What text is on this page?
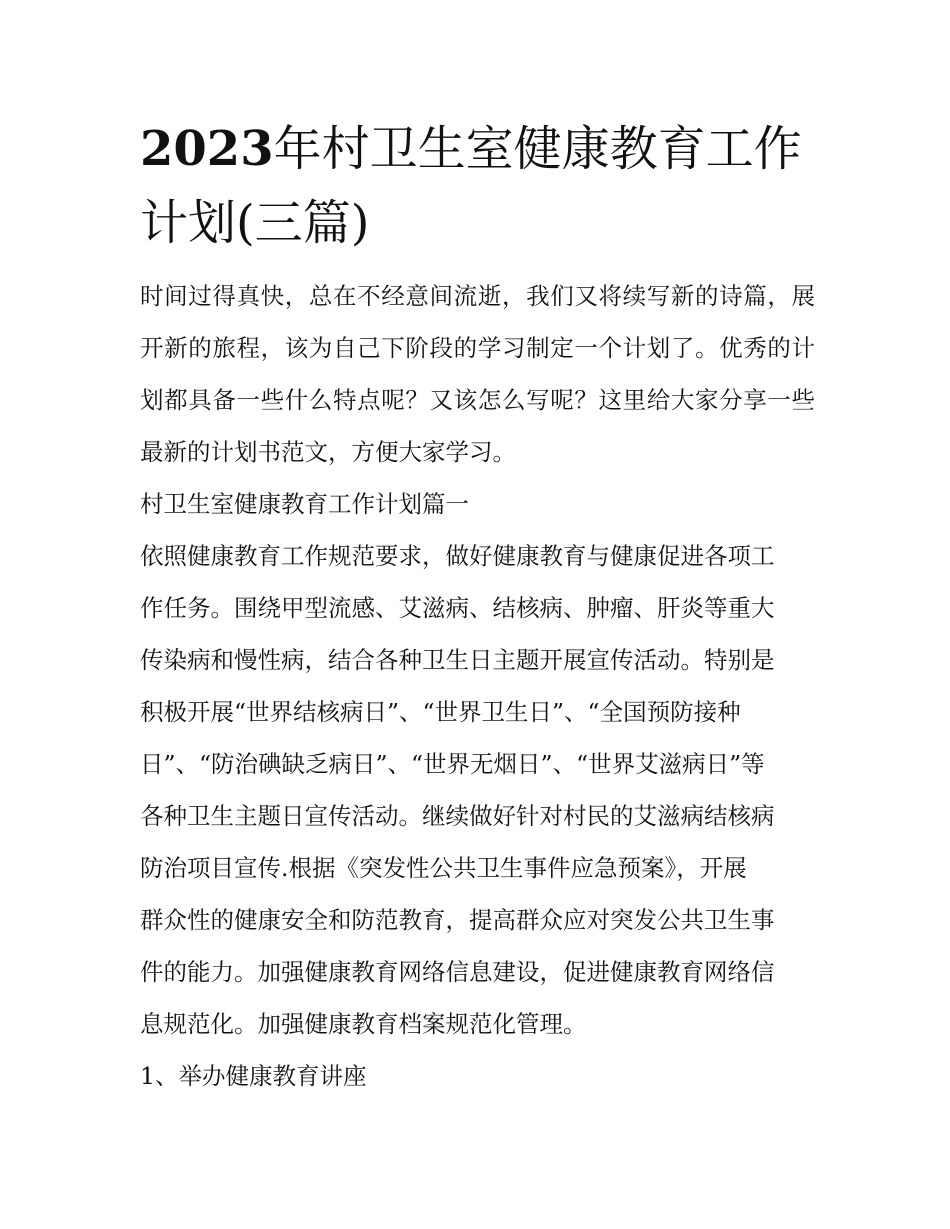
2023年村卫生室健康教育工作计划(三篇)

时间过得真快，总在不经意间流逝，我们又将续写新的诗篇，展开新的旅程，该为自己下阶段的学习制定一个计划了。优秀的计划都具备一些什么特点呢？又该怎么写呢？这里给大家分享一些最新的计划书范文，方便大家学习。

村卫生室健康教育工作计划篇一

依照健康教育工作规范要求，做好健康教育与健康促进各项工
作任务。围绕甲型流感、艾滋病、结核病、肿瘤、肝炎等重大
传染病和慢性病，结合各种卫生日主题开展宣传活动。特别是
积极开展“世界结核病日”、“世界卫生日”、“全国预防接种
日”、“防治碘缺乏病日”、“世界无烟日”、“世界艾滋病日”等
各种卫生主题日宣传活动。继续做好针对村民的艾滋病结核病
防治项目宣传.根据《突发性公共卫生事件应急预案》，开展
群众性的健康安全和防范教育，提高群众应对突发公共卫生事
件的能力。加强健康教育网络信息建设，促进健康教育网络信
息规范化。加强健康教育档案规范化管理。

1、举办健康教育讲座
